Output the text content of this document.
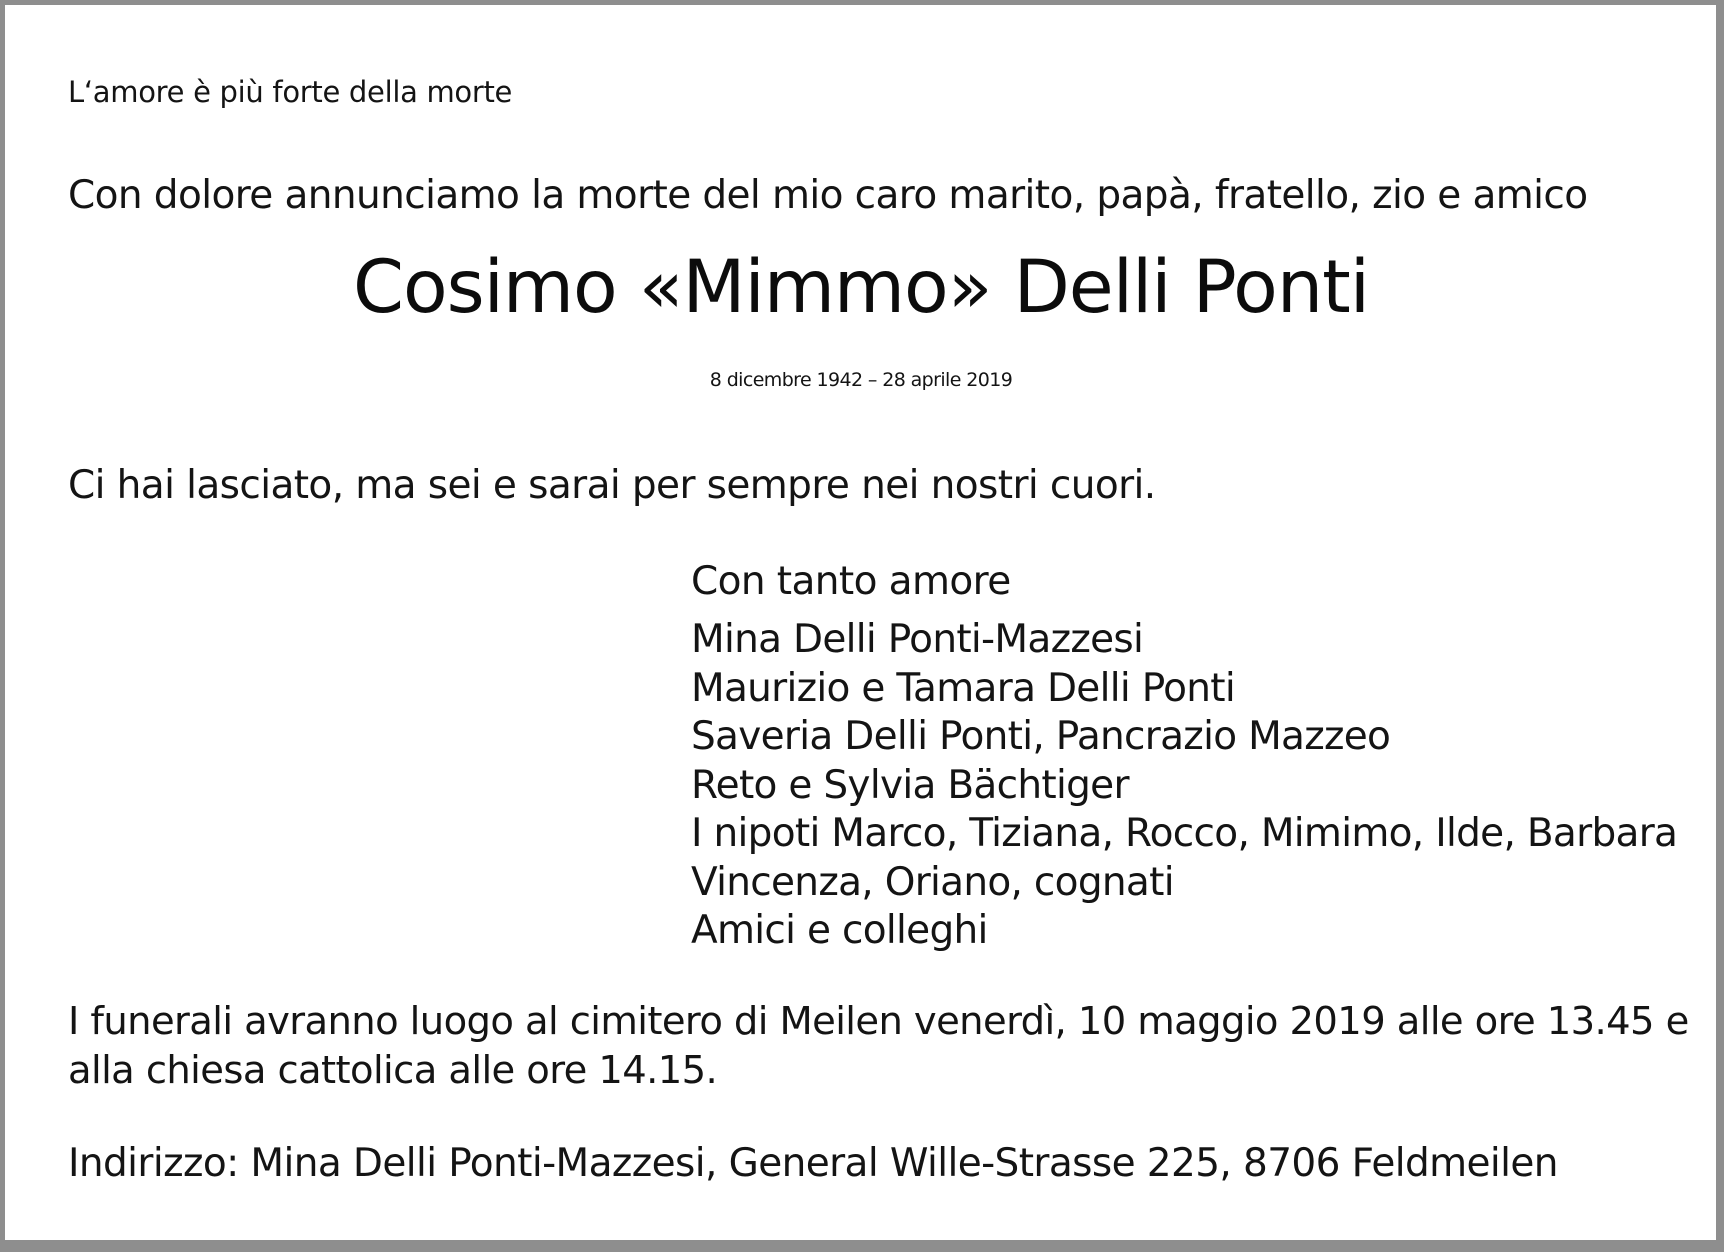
L‘amore è più forte della morte

Con dolore annunciamo la morte del mio caro marito, papà, fratello, zio e amico

Cosimo «Mimmo» Delli Ponti

8 dicembre 1942 – 28 aprile 2019

Ci hai lasciato, ma sei e sarai per sempre nei nostri cuori.

Con tanto amore
Mina Delli Ponti-Mazzesi
Maurizio e Tamara Delli Ponti
Saveria Delli Ponti, Pancrazio Mazzeo
Reto e Sylvia Bächtiger
I nipoti Marco, Tiziana, Rocco, Mimimo, Ilde, Barbara
Vincenza, Oriano, cognati
Amici e colleghi

I funerali avranno luogo al cimitero di Meilen venerdì, 10 maggio 2019 alle ore 13.45 e
alla chiesa cattolica alle ore 14.15.

Indirizzo: Mina Delli Ponti-Mazzesi, General Wille-Strasse 225, 8706 Feldmeilen
